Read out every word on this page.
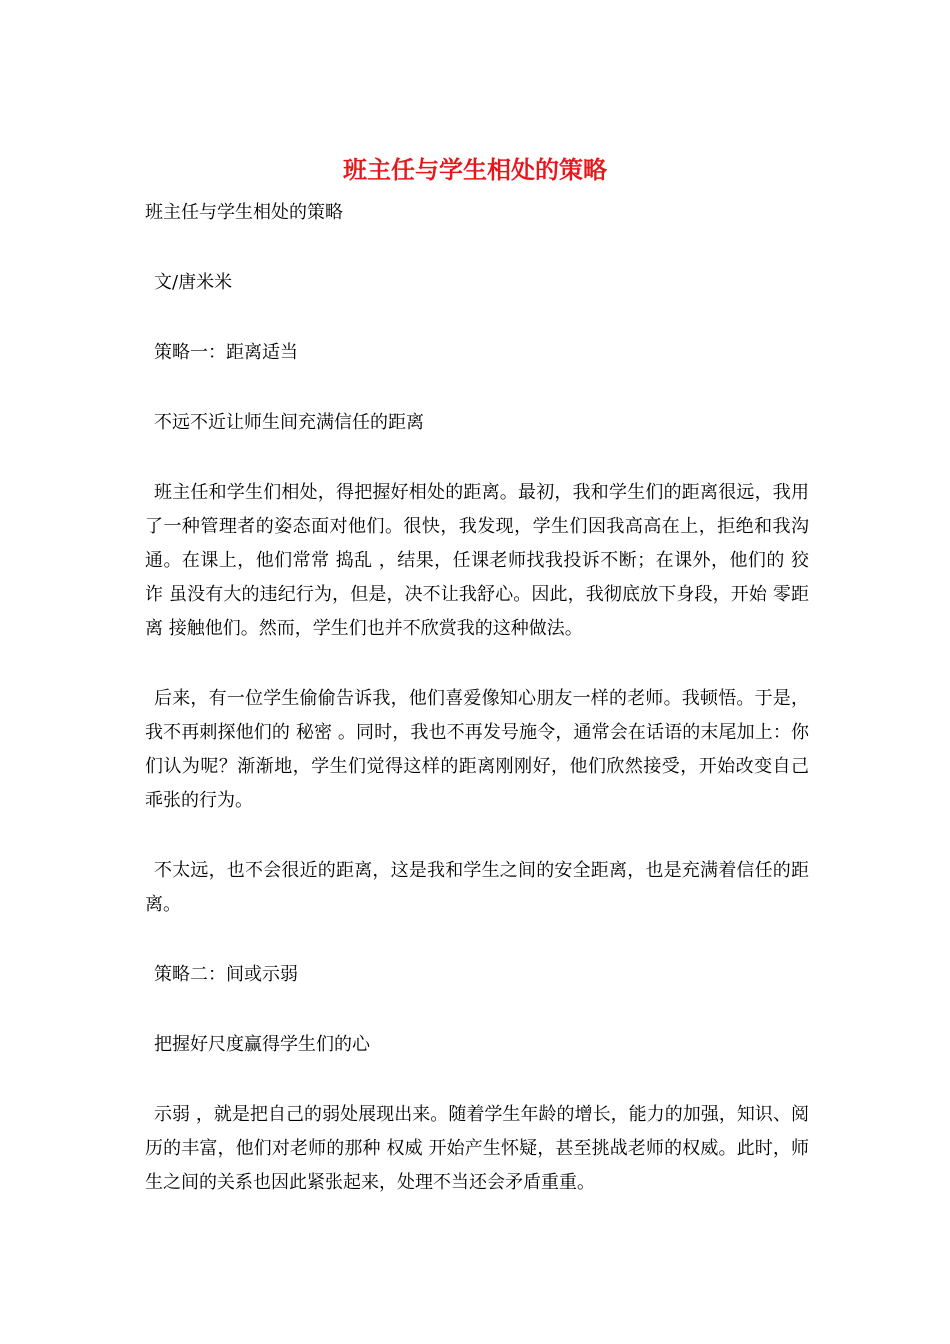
班主任与学生相处的策略

班主任与学生相处的策略

文/唐米米

策略一：距离适当

不远不近让师生间充满信任的距离

班主任和学生们相处，得把握好相处的距离。最初，我和学生们的距离很远，我用了一种管理者的姿态面对他们。很快，我发现，学生们因我高高在上，拒绝和我沟通。在课上，他们常常 捣乱 ，结果，任课老师找我投诉不断；在课外，他们的 狡诈 虽没有大的违纪行为，但是，决不让我舒心。因此，我彻底放下身段，开始 零距离 接触他们。然而，学生们也并不欣赏我的这种做法。

后来，有一位学生偷偷告诉我，他们喜爱像知心朋友一样的老师。我顿悟。于是，我不再刺探他们的 秘密 。同时，我也不再发号施令，通常会在话语的末尾加上：你们认为呢？渐渐地，学生们觉得这样的距离刚刚好，他们欣然接受，开始改变自己乖张的行为。

不太远，也不会很近的距离，这是我和学生之间的安全距离，也是充满着信任的距离。

策略二：间或示弱

把握好尺度赢得学生们的心

示弱 ，就是把自己的弱处展现出来。随着学生年龄的增长，能力的加强，知识、阅历的丰富，他们对老师的那种 权威 开始产生怀疑，甚至挑战老师的权威。此时，师生之间的关系也因此紧张起来，处理不当还会矛盾重重。
